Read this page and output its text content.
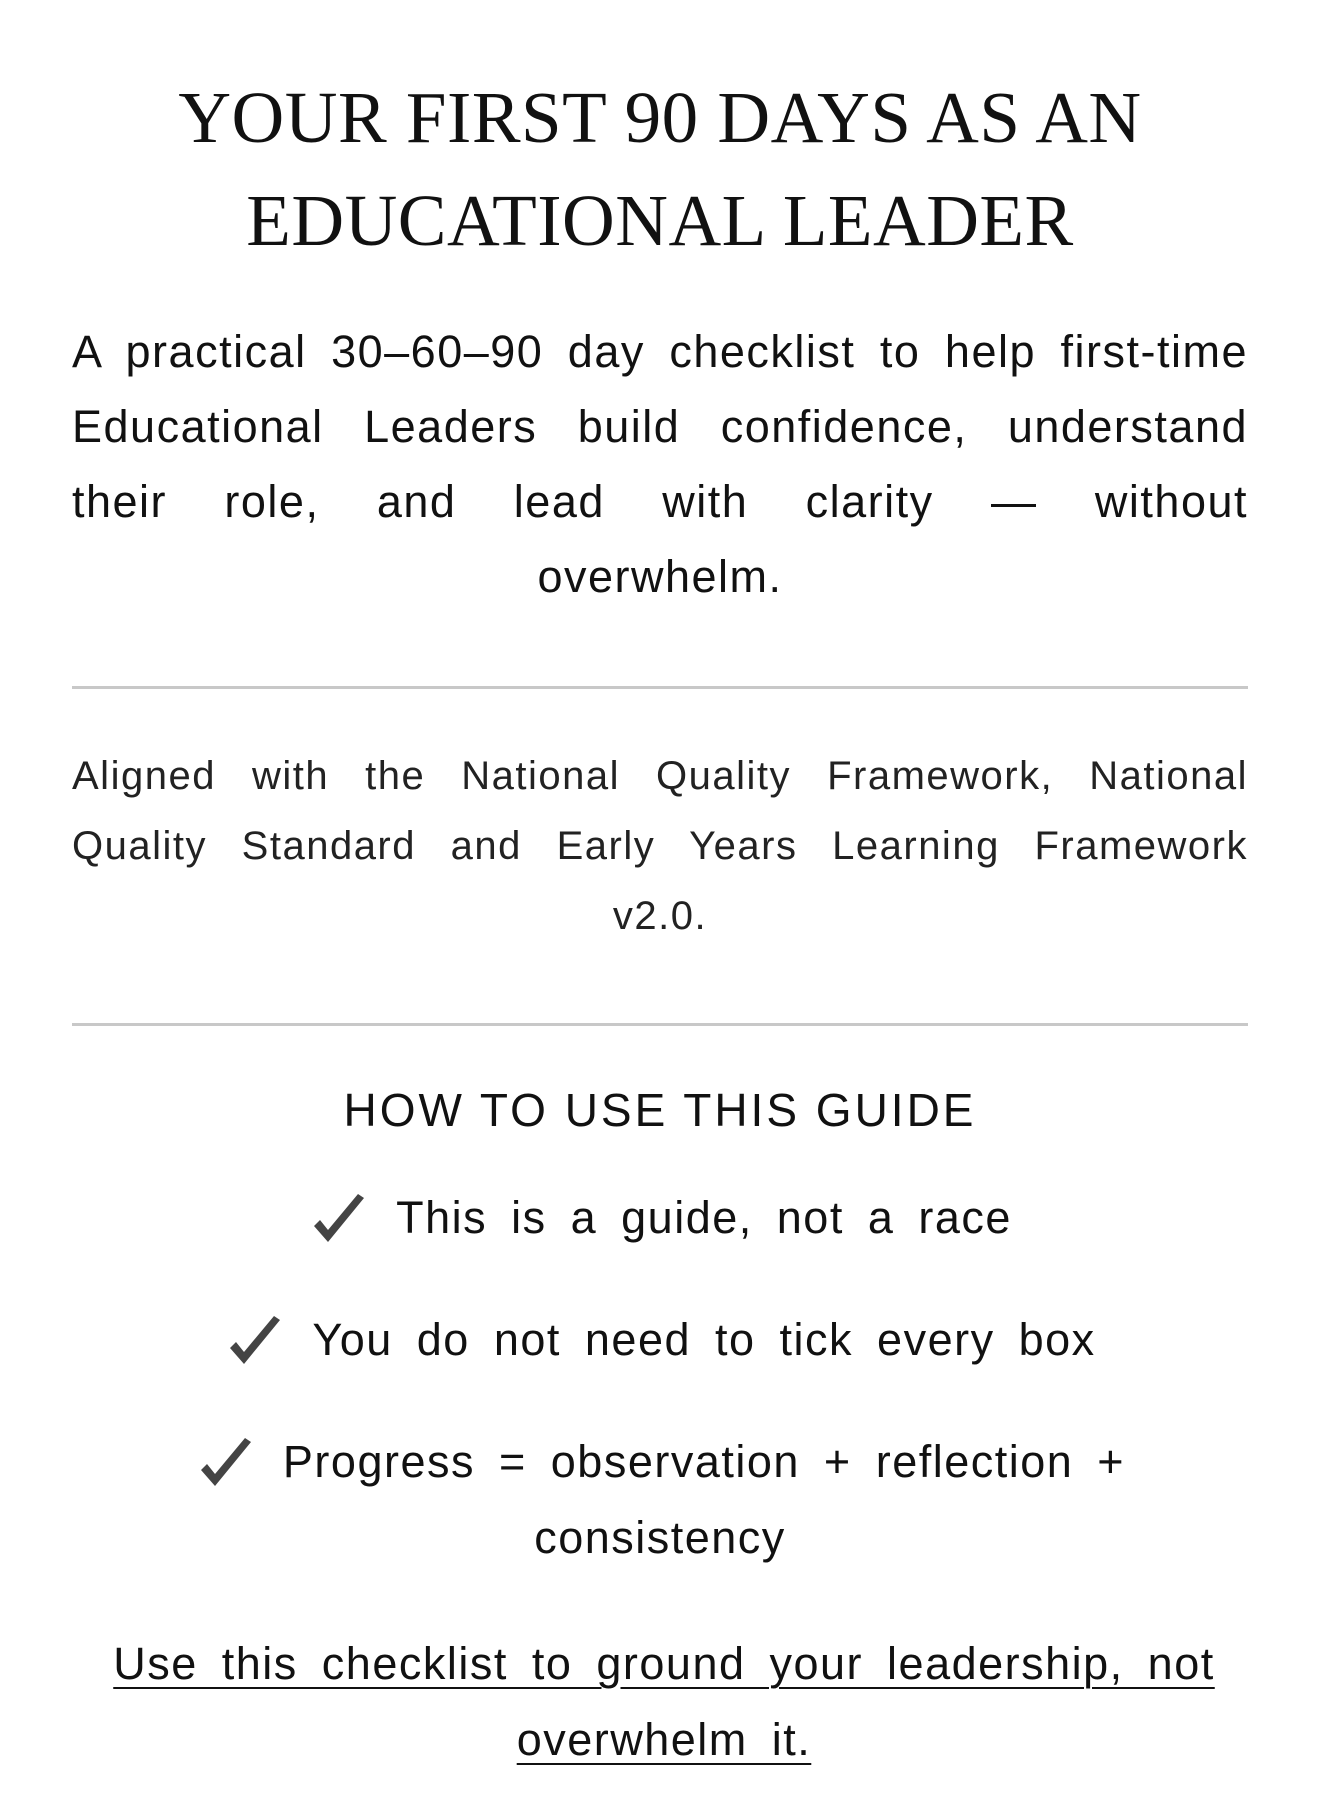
YOUR FIRST 90 DAYS AS AN
EDUCATIONAL LEADER

A practical 30–60–90 day checklist to help first-time Educational Leaders build confidence, understand their role, and lead with clarity — without overwhelm.

Aligned with the National Quality Framework, National Quality Standard and Early Years Learning Framework v2.0.

HOW TO USE THIS GUIDE
This is a guide, not a race
You do not need to tick every box
Progress = observation + reflection +
consistency

Use this checklist to ground your leadership, not overwhelm it.
